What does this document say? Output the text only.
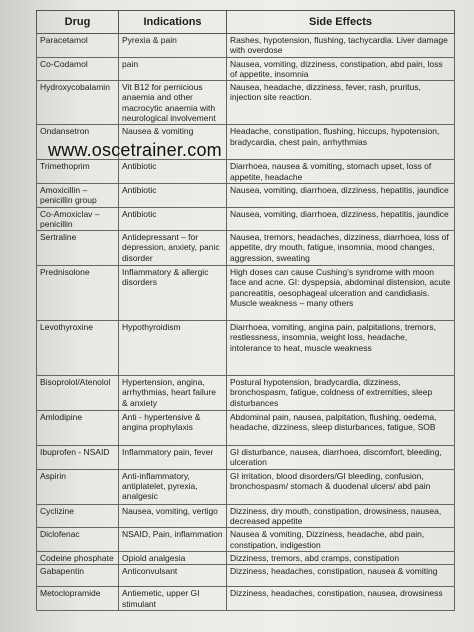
Drug	Indications	Side Effects
Paracetamol	Pyrexia & pain	Rashes, hypotension, flushing, tachycardia. Liver damage with overdose
Co-Codamol	pain	Nausea, vomiting, dizziness, constipation, abd pain, loss of appetite, insomnia
Hydroxycobalamin	Vit B12 for pernicious anaemia and other macrocytic anaemia with neurological involvement	Nausea, headache, dizziness, fever, rash, pruritus, injection site reaction.
Ondansetron	Nausea & vomiting	Headache, constipation, flushing, hiccups, hypotension, bradycardia, chest pain, arrhythmias
Trimethoprim	Antibiotic	Diarrhoea, nausea & vomiting, stomach upset, loss of appetite, headache
Amoxicillin – penicillin group	Antibiotic	Nausea, vomiting, diarrhoea, dizziness, hepatitis, jaundice
Co-Amoxiclav – penicillin	Antibiotic	Nausea, vomiting, diarrhoea, dizziness, hepatitis, jaundice
Sertraline	Antidepressant – for depression, anxiety, panic disorder	Nausea, tremors, headaches, dizziness, diarrhoea, loss of appetite, dry mouth, fatigue, insomnia, mood changes, aggression, sweating
Prednisolone	Inflammatory & allergic disorders	High doses can cause Cushing’s syndrome with moon face and acne. GI: dyspepsia, abdominal distension, acute pancreatitis, oesophageal ulceration and candidiasis. Muscle weakness – many others
Levothyroxine	Hypothyroidism	Diarrhoea, vomiting, angina pain, palpitations, tremors, restlessness, insomnia, weight loss, headache, intolerance to heat, muscle weakness
Bisoprolol/Atenolol	Hypertension, angina, arrhythmias, heart failure & anxiety	Postural hypotension, bradycardia, dizziness, bronchospasm, fatigue, coldness of extremities, sleep disturbances
Amlodipine	Anti - hypertensive & angina prophylaxis	Abdominal pain, nausea, palpitation, flushing, oedema, headache, dizziness, sleep disturbances, fatigue, SOB
Ibuprofen - NSAID	Inflammatory pain, fever	GI disturbance, nausea, diarrhoea, discomfort, bleeding, ulceration
Aspirin	Anti-inflammatory, antiplatelet, pyrexia, analgesic	GI irritation, blood disorders/GI bleeding, confusion, bronchospasm/ stomach & duodenal ulcers/ abd pain
Cyclizine	Nausea, vomiting, vertigo	Dizziness, dry mouth, constipation, drowsiness, nausea, decreased appetite
Diclofenac	NSAID, Pain, inflammation	Nausea & vomiting, Dizziness, headache, abd pain, constipation, indigestion
Codeine phosphate	Opioid analgesia	Dizziness, tremors, abd cramps, constipation
Gabapentin	Anticonvulsant	Dizziness, headaches, constipation, nausea & vomiting
Metoclopramide	Antiemetic, upper GI stimulant	Dizziness, headaches, constipation, nausea, drowsiness
www.oscetrainer.com
